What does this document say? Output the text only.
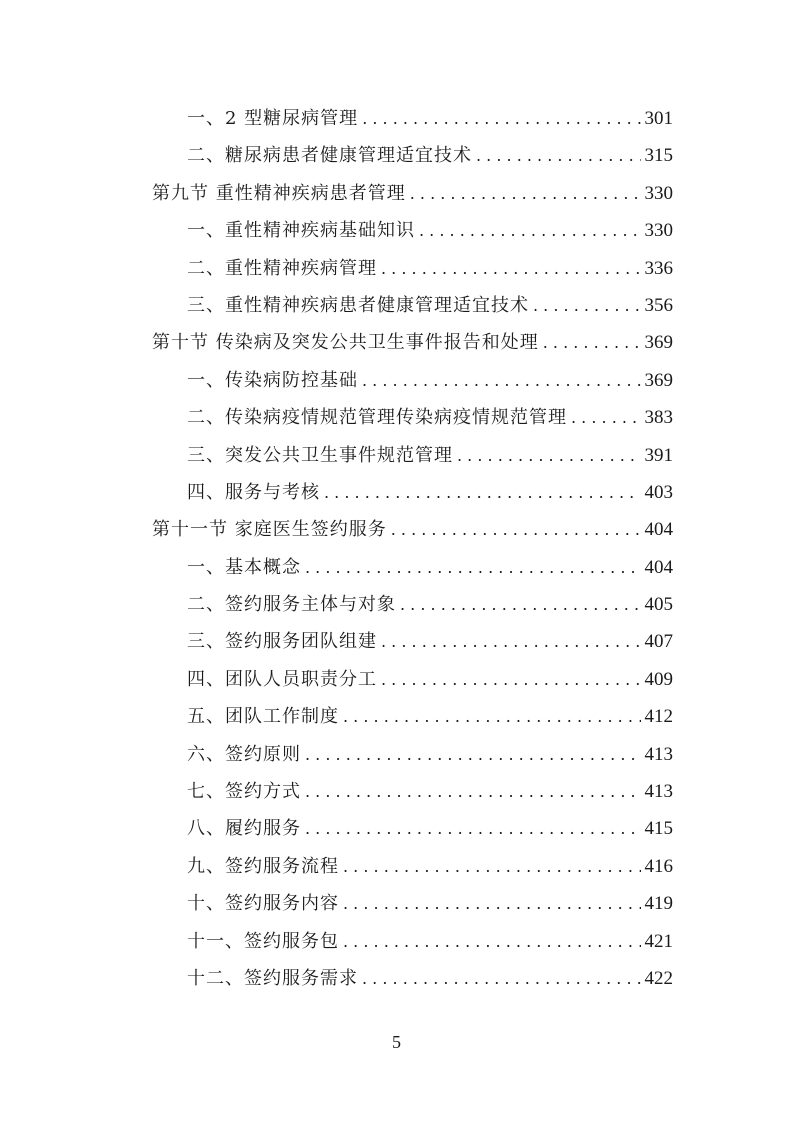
一、2 型糖尿病管理 . . .	301
二、糖尿病患者健康管理适宜技术 . . .	315
第九节 重性精神疾病患者管理 . . .	330
一、重性精神疾病基础知识 . . .	330
二、重性精神疾病管理 . . .	336
三、重性精神疾病患者健康管理适宜技术 . . .	356
第十节 传染病及突发公共卫生事件报告和处理 . . .	369
一、传染病防控基础 . . .	369
二、传染病疫情规范管理传染病疫情规范管理 . . .	383
三、突发公共卫生事件规范管理 . . .	391
四、服务与考核 . . .	403
第十一节 家庭医生签约服务 . . .	404
一、基本概念 . . .	404
二、签约服务主体与对象 . . .	405
三、签约服务团队组建 . . .	407
四、团队人员职责分工 . . .	409
五、团队工作制度 . . .	412
六、签约原则 . . .	413
七、签约方式 . . .	413
八、履约服务 . . .	415
九、签约服务流程 . . .	416
十、签约服务内容 . . .	419
十一、签约服务包 . . .	421
十二、签约服务需求 . . .	422
5
